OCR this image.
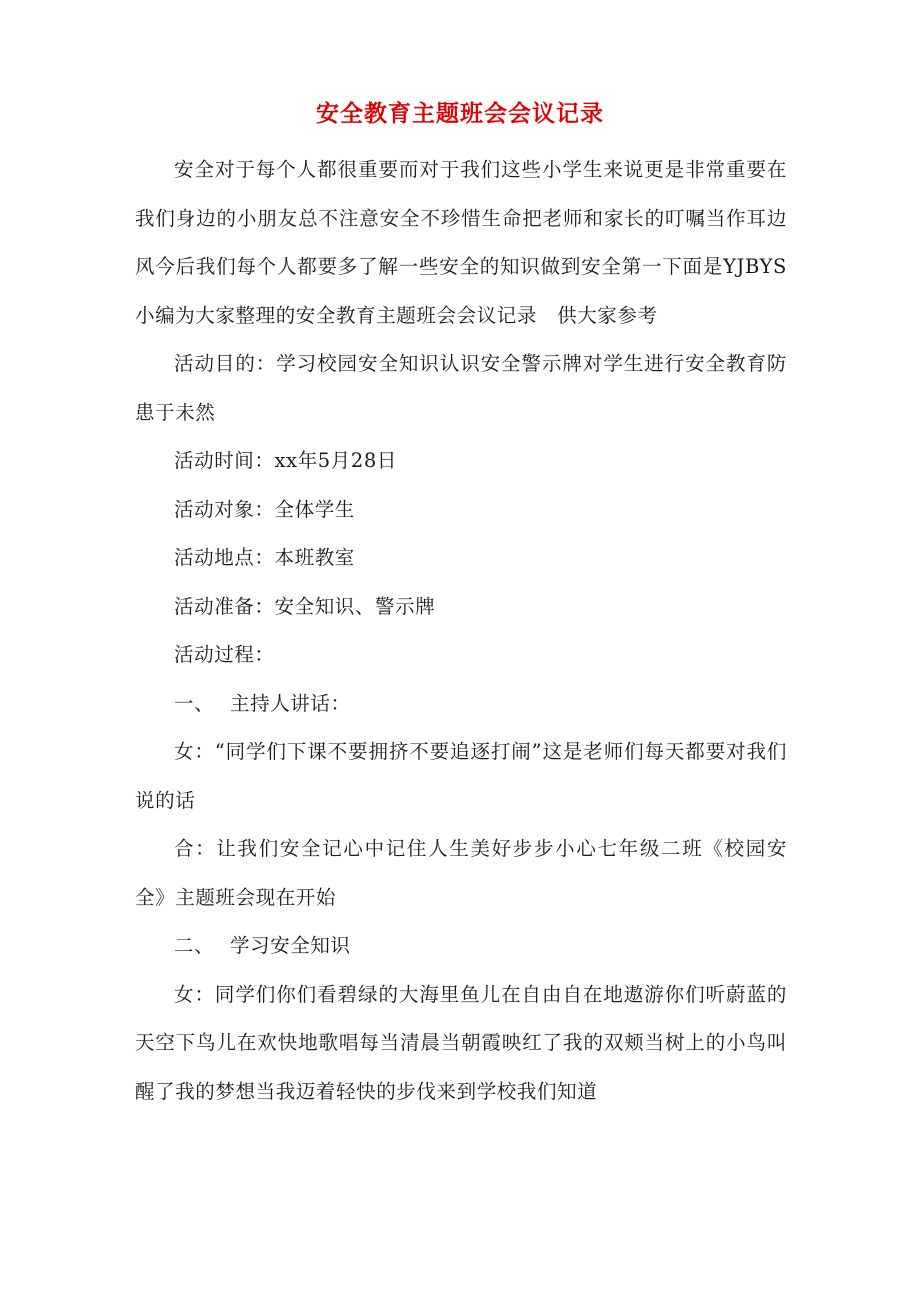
安全教育主题班会会议记录

安全对于每个人都很重要而对于我们这些小学生来说更是非常重要在我们身边的小朋友总不注意安全不珍惜生命把老师和家长的叮嘱当作耳边风今后我们每个人都要多了解一些安全的知识做到安全第一下面是YJBYS小编为大家整理的安全教育主题班会会议记录　供大家参考

活动目的：学习校园安全知识认识安全警示牌对学生进行安全教育防患于未然

活动时间：xx年5月28日

活动对象：全体学生

活动地点：本班教室

活动准备：安全知识、警示牌

活动过程：

一、 主持人讲话：

女：“同学们下课不要拥挤不要追逐打闹”这是老师们每天都要对我们说的话

合：让我们安全记心中记住人生美好步步小心七年级二班《校园安全》主题班会现在开始

二、 学习安全知识

女：同学们你们看碧绿的大海里鱼儿在自由自在地遨游你们听蔚蓝的天空下鸟儿在欢快地歌唱每当清晨当朝霞映红了我的双颊当树上的小鸟叫醒了我的梦想当我迈着轻快的步伐来到学校我们知道
